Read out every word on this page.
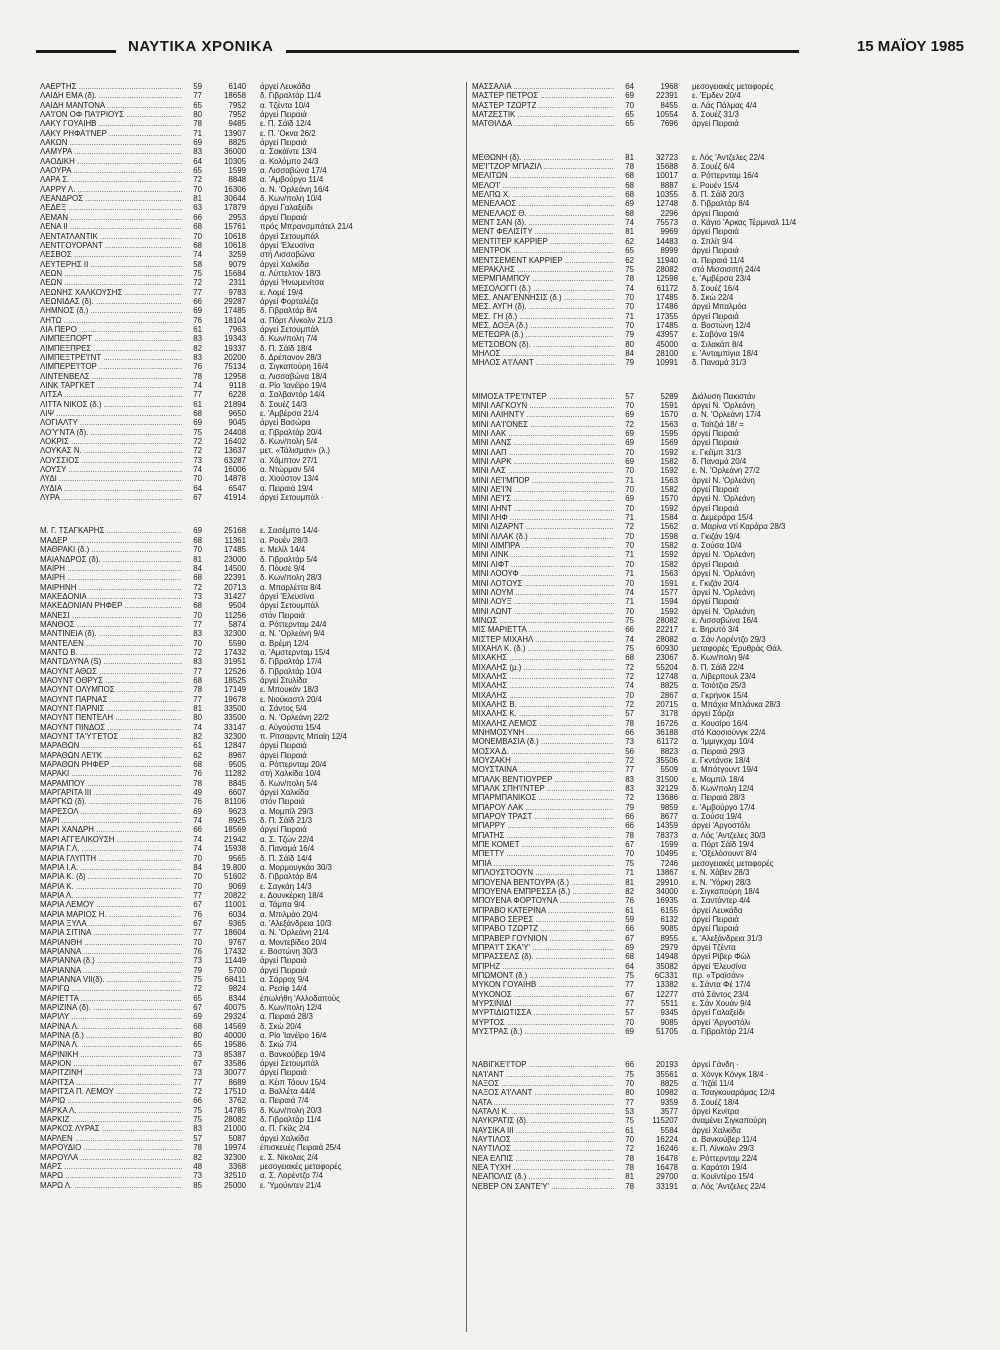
ΝΑΥΤΙΚΑ ΧΡΟΝΙΚΑ	15 ΜΑΪΟΥ 1985
ΛΑΕΡΤΗΣ .....	59	6140	άργεί Λευκάδα
ΛΑΙΔΗ ΕΜΑ (δ). .....	77	18658	δ. Γιβραλτάρ 11/4
ΛΑΙΔΗ ΜΑΝΤΟΝΑ .....	65	7952	α. Τζέντα 10/4
ΛΑ'Ι'ΟΝ ΟΦ ΠΑ'Ι'ΡΙΟΥΣ .....	80	7952	άργεί Πειραιά
ΛΑΚΥ ΓΟΥΑΙΗΒ .....	78	9485	ε. Π. Σάϊδ 12/4
ΛΑΚΥ ΡΗΦΑ'Ι'ΝΕΡ .....	71	13907	ε. Π. 'Οκνα 26/2
ΛΑΚΩΝ .....	69	8825	άργεί Πειραιά
ΛΑΜΥΡΑ .....	83	36000	α. Σακάϊντε 13/4
ΛΑΟΔΙΚΗ .....	64	10305	α. Κολόμπο 24/3
ΛΑΟΥΡΑ .....	65	1599	α. Λισσαβώνα 17/4
ΛΑΡΑ Σ. .....	72	8848	α. 'Αμβούργο 11/4
ΛΑΡΡΥ Λ. .....	70	16306	α. Ν. 'Ορλεάνη 16/4
ΛΕΑΝΔΡΟΣ .....	81	30644	δ. Κων/πολη 10/4
ΛΕΔΕΞ .....	63	17879	άργεί Γαλαξείδι
ΛΕΜΑΝ .....	66	2953	άργεί Πειραιά
ΛΕΝΑ ΙΙ .....	68	15761	πρός Μπρανσμπάτελ 21/4
ΛΕΝΤΑΤΛΑΝΤΙΚ .....	70	10618	άργεί Σετουμπάλ
ΛΕΝΤΓΟΥΟΡΑΝΤ .....	68	10618	άργεί 'Ελευσίνα
ΛΕΣΒΟΣ .....	74	3259	στή Λισσαβώνα
ΛΕΥΤΕΡΗΣ ΙΙ .....	58	9079	άργεί Χαλκίδα
ΛΕΩΝ .....	75	15684	α. Λύττελτον 18/3
ΛΕΩΝ .....	72	2311	άργεί 'Ηνωμενίτσα
ΛΕΩΝΗΣ ΧΑΛΚΟΥΣΗΣ .....	77	9783	ε. Λομέ 19/4
ΛΕΩΝΙΔΑΣ (δ). .....	66	29287	άργεί Φορταλέζα
ΛΗΜΝΟΣ (δ.) .....	69	17485	δ. Γιβραλτάρ 8/4
ΛΗΤΩ .....	76	18104	α. Πόρτ Λίνκολν 21/3
ΛΙΑ ΠΕΡΟ .....	61	7963	άργεί Σετουμπάλ
ΛΙΜΠΕΞΠΟΡΤ .....	83	19343	δ. Κων/πολη 7/4
ΛΙΜΠΕΞΠΡΕΣ .....	82	19337	δ. Π. Σάϊδ 18/4
ΛΙΜΠΕΞΤΡΕ'Ι'ΝΤ .....	83	20200	δ. Δρέπανον 28/3
ΛΙΜΠΕΡΕ'Ι'ΤΟΡ .....	76	75134	α. Σιγκαπούρη 16/4
ΛΙΝΤΕΝΒΕΛΣ .....	78	12958	α. Λισσαβώνα 18/4
ΛΙΝΚ ΤΑΡΓΚΕΤ .....	74	9118	α. Ρίο 'Ιανέϊρο 19/4
ΛΙΤΣΑ .....	77	6228	α. Σαλβαντόρ 14/4
ΛΙΤΤΑ ΝΙΚΟΣ (δ.) .....	61	21894	δ. Σουέζ 14/3
ΛΙΨ .....	68	9650	ε. 'Αμβέρσα 21/4
ΛΟΓΙΑΛΤΥ .....	69	9045	άργεί Βασώρα
ΛΟ'Υ'ΝΤΑ (δ). .....	75	24408	α. Γιβραλτάρ 20/4
ΛΟΚΡΙΣ .....	72	16402	δ. Κων/πολη 5/4
ΛΟΥΚΑΣ Ν. .....	72	13637	μετ. «Τάλισμαν» (λ.)
ΛΟΥΣΣΙΟΣ .....	73	63287	α. Χάμπτον 27/1
ΛΟΥΣΥ .....	74	16006	α. Ντώρμαν 5/4
ΛΥΔΙ .....	70	14878	α. Χιούστον 13/4
ΛΥΔΙΑ .....	64	6547	α. Πειραιά 19/4
ΛΥΡΑ .....	67	41914	άργεί Σετουμπάλ ·
Μ. Γ. ΤΣΑΓΚΑΡΗΣ .....	69	25168	ε. Σασέμπο 14/4·
ΜΑΔΕΡ .....	68	11361	α. Ρουέν 28/3
ΜΑΘΡΑΚΙ (δ.) .....	70	17485	ε. Μελίλ 14/4
ΜΑΙΑΝΔΡΟΣ (δ). .....	81	23000	δ. Γιβραλτάρ 5/4
ΜΑΙΡΗ .....	84	14500	δ. Πόυσε 9/4
ΜΑΙΡΗ .....	68	22391	δ. Κων/πολη 28/3
ΜΑΙΡΗΝΗ .....	72	20713	α. Μπαρλέττα 8/4
ΜΑΚΕΔΟΝΙΑ .....	73	31427	άργεί 'Ελευσίνα
ΜΑΚΕΔΟΝΙΑΝ ΡΗΦΕΡ .....	68	9504	άργεί Σετουμπάλ
ΜΑΝΕΣΙ .....	70	11256	στόν Πειραιά
ΜΑΝΘΟΣ .....	77	5874	α. Ρόττερνταμ 24/4
ΜΑΝΤΙΝΕΙΑ (δ). .....	83	32300	α. Ν. 'Ορλεάνη 9/4
ΜΑΝΤΕΛΕΝ .....	70	5590	α. Βρέμη 12/4
ΜΑΝΤΩ Β. .....	72	17432	α. 'Αμστερνταμ 15/4
ΜΑΝΤΩΛΥΝΑ (S) .....	83	31951	δ. Γιβραλτάρ 17/4
ΜΑΟΥΝΤ ΑΘΩΣ .....	77	12526	δ. Γιβραλτάρ 10/4
ΜΑΟΥΝΤ ΟΘΡΥΣ .....	68	18525	άργεί Στυλίδα
ΜΑΟΥΝΤ ΟΛΥΜΠΟΣ .....	78	17149	ε. Μπουκάν 18/3
ΜΑΟΥΝΤ ΠΑΡΝΑΣ .....	77	19678	ε. Νιούκαστλ 20/4
ΜΑΟΥΝΤ ΠΑΡΝΙΣ .....	81	33500	α. Σάντος 5/4
ΜΑΟΥΝΤ ΠΕΝΤΕΛΗ .....	80	33500	α. Ν. 'Ορλεάνη 22/2
ΜΑΟΥΝΤ ΠΙΝΔΟΣ .....	74	33147	α. Αύγούστα 15/4
ΜΑΟΥΝΤ ΤΑ'Υ'ΓΕΤΟΣ .....	82	32300	π. Ρίτσαρντς Μπαίη 12/4
ΜΑΡΑΘΩΝ .....	61	12847	άργεί Πειραιά
ΜΑΡΑΘΩΝ ΛΕ'Ι'Κ .....	62	8967	άργεί Πειραιά
ΜΑΡΑΘΩΝ ΡΗΦΕΡ .....	68	9505	α. Ρόττερνταμ 20/4
ΜΑΡΑΚΙ .....	76	11282	στή Χαλκίδα 10/4
ΜΑΡΑΜΠΟΥ .....	78	8845	δ. Κων/πολη 5/4
ΜΑΡΓΑΡΙΤΑ ΙΙΙ .....	49	6607	άργεί Χαλκίδα
ΜΑΡΓΚΩ (δ). .....	76	81106	στόν Πειραιά
ΜΑΡΕΣΟΛ .....	69	9623	α. Μομπίλ 29/3
ΜΑΡΙ .....	74	8925	δ. Π. Σάϊδ 21/3
ΜΑΡΙ ΧΑΝΔΡΗ .....	66	18569	άργεί Πειραιά
ΜΑΡΙ ΑΓΓΕΛΙΚΟΥΣΗ .....	74	21942	α. Σ. Τζών 22/4
ΜΑΡΙΑ Γ.Λ. .....	74	15938	δ. Παναμά 16/4
ΜΑΡΙΑ ΓΛΥΠΤΗ .....	70	9565	δ. Π. Σάϊδ 14/4
ΜΑΡΙΑ Ι.Α. .....	84	19.800	α. Μορμουγκάο 30/3
ΜΑΡΙΑ Κ. (δ) .....	70	51602	δ. Γιβραλτάρ 8/4
ΜΑΡΙΑ Κ. .....	70	9069	ε. Σαγκάη 14/3
ΜΑΡΙΑ Λ. .....	77	20822	ε. Δουνκέρκη 18/4
ΜΑΡΙΑ ΛΕΜΟΥ .....	67	11001	α. Τάμπα 9/4
ΜΑΡΙΑ ΜΑΡΙΟΣ Η. .....	76	6034	α. Μπιλμάο 20/4
ΜΑΡΙΑ ΞΥΛΑ .....	67	9365	α. 'Αλεξάνδρεια 10/3
ΜΑΡΙΑ ΣΙΤΙΝΑ .....	77	18604	α. Ν. 'Ορλεάνη 21/4
ΜΑΡΙΑΝΘΗ .....	70	9767	α. Μοντεβίδεο 20/4
ΜΑΡΙΑΝΝΑ .....	76	17432	ε. Βοστώνη 30/3
ΜΑΡΙΑΝΝΑ (δ.) .....	73	11449	άργεί Πειραιά
ΜΑΡΙΑΝΝΑ .....	79	5700	άργεί Πειραιά
ΜΑΡΙΑΝΝΑ VII(δ). .....	75	68411	α. Σάρροχ 9/4
ΜΑΡΙΓΩ .....	72	9824	α. Ρεσίφ 14/4
ΜΑΡΙΕΤΤΑ .....	65	8344	έπωλήθη 'Αλλοδαπούς
ΜΑΡΙΖΙΝΑ (δ). .....	67	40075	δ. Κων/πολη 12/4
ΜΑΡΙΛΥ .....	69	29324	α. Πειραιά 28/3
ΜΑΡΙΝΑ Λ. .....	68	14569	δ. Σκώ 20/4
ΜΑΡΙΝΑ (δ.) .....	80	40000	α. Ρίο 'Ιανέϊρο 16/4
ΜΑΡΙΝΑ Λ. .....	65	19586	δ. Σκώ 7/4
ΜΑΡΙΝΙΚΗ .....	73	85387	α. Βανκούβερ 19/4
ΜΑΡΙΟΝ .....	67	33586	άργεί Σετουμπάλ
ΜΑΡΙΤΖΙΝΗ .....	73	30077	άργεί Πειραιά
ΜΑΡΙΤΣΑ .....	77	8689	α. Κέιπ Τάουν 15/4
ΜΑΡΙΤΣΑ Π. ΛΕΜΟΥ .....	72	17510	α. Βαλλέτα 44/4
ΜΑΡΙΩ .....	66	3762	α. Πειραιά 7/4
ΜΑΡΚΑ Λ. .....	75	14785	δ. Κων/πολη 20/3
ΜΑΡΚΙΖ .....	75	28082	δ. Γιβραλτάρ 11/4
ΜΑΡΚΟΣ ΛΥΡΑΣ .....	83	21000	α. Π. Γκίλς 2/4
ΜΑΡΛΕΝ .....	57	5087	άργεί Χαλκίδα
ΜΑΡΟΥΔΙΟ .....	78	19974	έπισκευές Πειραιά 25/4
ΜΑΡΟΥΛΑ .....	82	32300	ε. Σ. Νίκολας 2/4
ΜΑΡΣ .....	48	3368	μεσογειακές μεταφορές
ΜΑΡΩ .....	73	32510	α. Σ. Λορέντζο 7/4
ΜΑΡΩ Λ. .....	85	25000	ε. 'Υμούιντεν 21/4
ΜΑΣΣΑΛΙΑ .....	64	1968	μεσογειακές μεταφορές
ΜΑΣΤΕΡ ΠΕΤΡΟΣ .....	69	22391	ε. 'Εμδεν 20/4
ΜΑΣΤΕΡ ΤΖΩΡΤΖ .....	70	8455	α. Λάς Πάλμας 4/4
ΜΑΤΖΕΣΤΙΚ .....	65	10554	δ. Σουέζ 31/3
ΜΑΤΘΙΛΔΑ .....	65	7696	άργεί Πειραιά
ΜΕΘΩΝΗ (δ). .....	81	32723	ε. Λός 'Αντζελες 22/4
ΜΕ'Ι'ΤΖΟΡ ΜΠΑΖΙΛ .....	78	15688	δ. Σουέζ 6/4
ΜΕΛΙΤΩΝ .....	68	10017	α. Ρόττερνταμ 16/4
ΜΕΛΟ'Ι' .....	68	8887	ε. Ρουέν 15/4
ΜΕΛΠΩ Χ. .....	68	10355	δ. Π. Σάϊδ 20/3
ΜΕΝΕΛΑΟΣ .....	69	12748	δ. Γιβραλτάρ 8/4
ΜΕΝΕΛΑΟΣ Θ. .....	68	2296	άργεί Πειραιά
ΜΕΝΤ ΣΑΝ (δ). .....	74	75573	α. Κάγιο 'Αρκας Τέρμιναλ 11/4
ΜΕΝΤ ΦΕΛΙΣΙΤΥ .....	81	9969	άργεί Πειραιά
ΜΕΝΤΙΤΕΡ ΚΑΡΡΙΕΡ .....	62	14483	α. Σπλίτ 9/4
ΜΕΝΤΡΟΚ .....	65	8999	άργεί Πειραιά
ΜΕΝΤΣΕΜΕΝΤ ΚΑΡΡΙΕΡ .....	62	11940	α. Πειραιά 11/4
ΜΕΡΑΚΛΗΣ .....	75	28082	στό Μισσισιπή 24/4
ΜΕΡΜΠΑΜΠΟΥ .....	78	12598	ε. 'Αμβέρσα 23/4
ΜΕΣΟΛΟΓΓΙ (δ.) .....	74	61172	δ. Σουέζ 16/4
ΜΕΣ. ΑΝΑΓΕΝΝΗΣΙΣ (δ.) .....	70	17485	δ. Σκώ 22/4
ΜΕΣ. ΑΥΓΗ (δ). .....	70	17486	άργεί Μπαλμόα
ΜΕΣ. ΓΗ (δ.) .....	71	17355	άργεί Πειραιά
ΜΕΣ. ΔΟΞΑ (δ.) .....	70	17485	α. Βοστώνη 12/4
ΜΕΤΕΩΡΑ (δ.) .....	79	43957	ε. Σαβόνα 19/4
ΜΕΤΣΟΒΟΝ (δ). .....	80	45000	α. Σιλακάπ 8/4
ΜΗΛΟΣ .....	84	28100	ε. 'Ανταμπίγια 18/4
ΜΗΛΟΣ Α'Ι'ΛΑΝΤ .....	79	10991	δ. Παναμά 31/3
ΜΙΜΟΣΑ ΤΡΕ'Ι'ΝΤΕΡ .....	57	5289	Διάλυση Πακιστάν
ΜΙΝΙ ΛΑΓΚΟΥΝ .....	70	1591	άργεί Ν. 'Ορλεάνη
ΜΙΝΙ ΛΑΙΗΝΤΥ .....	69	1570	α. Ν. 'Ορλεάνη 17/4
ΜΙΝΙ ΛΑ'Ι'ΟΝΕΣ .....	72	1563	α. Ταϊτζιά 18/ =
ΜΙΝΙ ΛΑΚ .....	69	1595	άργεί Πειραιά
ΜΙΝΙ ΛΑΝΣ .....	69	1569	άργεί Πειραιά
ΜΙΝΙ ΛΑΠ .....	70	1592	ε. Γκέϊμπ 31/3
ΜΙΝΙ ΛΑΡΚ .....	69	1582	δ. Παναμά 20/4
ΜΙΝΙ ΛΑΣ .....	70	1592	ε. Ν. 'Ορλεάνη 27/2
ΜΙΝΙ ΛΕ'Ι'ΜΠΟΡ .....	71	1563	άργεί Ν. 'Ορλεάνη
ΜΙΝΙ ΛΕ'Ι'Ν .....	70	1582	άργεί Πειραιά
ΜΙΝΙ ΛΕ'Ι'Σ .....	69	1570	άργεί Ν. 'Ορλεάνη
ΜΙΝΙ ΛΗΝΤ .....	70	1592	άργεί Πειραιά
ΜΙΝΙ ΛΗΦ .....	71	1584	α. Δεμεράρα 15/4
ΜΙΝΙ ΛΙΖΑΡΝΤ .....	72	1562	α. Μαρίνα ντί Καράρα 28/3
ΜΙΝΙ ΛΙΛΑΚ (δ.) .....	70	1598	α. Γκιζάν 19/4
ΜΙΝΙ ΛΙΜΠΡΑ .....	70	1582	α. Σούσα 10/4
ΜΙΝΙ ΛΙΝΚ .....	71	1592	άργεί Ν. 'Ορλεάνη
ΜΙΝΙ ΛΙΦΤ .....	70	1582	άργεί Πειραιά
ΜΙΝΙ ΛΟΟΥΦ .....	71	1563	άργεί Ν. 'Ορλεάνη
ΜΙΝΙ ΛΟΤΟΥΣ .....	70	1591	ε. Γκιζάν 20/4
ΜΙΝΙ ΛΟΥΜ .....	74	1577	άργεί Ν. 'Ορλεάνη
ΜΙΝΙ ΛΟΥΞ .....	71	1594	άργεί Πειραιά
ΜΙΝΙ ΛΩΝΤ .....	70	1592	άργεί Ν. 'Ορλεάνη
ΜΙΝΩΣ .....	75	28082	ε. Λισσαβώνα 16/4
ΜΙΣ ΜΑΡΙΕΤΤΑ .....	66	22217	ε. Βηρυτό 3/4
ΜΙΣΤΕΡ ΜΙΧΑΗΛ .....	74	28082	α. Σάν Λορέντζο 29/3
ΜΙΧΑΗΛ Κ. (δ.) .....	75	60930	μεταφορές 'Ερυθράς Θάλ.
ΜΙΧΑΚΗΣ .....	68	23067	δ. Κων/πολη 9/4
ΜΙΧΑΛΗΣ (μ.) .....	72	55204	δ. Π. Σάϊδ 22/4
ΜΙΧΑΛΗΣ .....	72	12748	α. Λίβερπουλ 23/4
ΜΙΧΑΛΗΣ .....	74	8825	α. Τσιότζια 25/3
ΜΙΧΑΛΗΣ .....	70	2867	α. Γκρήνοκ 15/4
ΜΙΧΑΛΗΣ Β. .....	72	20715	α. Μπάχια Μπλάνκα 28/3
ΜΙΧΑΛΗΣ Κ. .....	57	3178	άργεί Σάρζα
ΜΙΧΑΛΗΣ ΛΕΜΟΣ .....	78	16726	α. Κουσίρο 16/4
ΜΝΗΜΟΣΥΝΗ .....	66	36188	στό Καοσιούνγκ 22/4
ΜΟΝΕΜΒΑΣΙΑ (δ.) .....	73	61172	α. 'Ιμμιγκχαμ 10/4
ΜΟΣΧΑ Δ. .....	56	8823	α. Πειραιά 29/3
ΜΟΥΖΑΚΗ .....	72	35506	ε. Γκντάνσκ 18/4
ΜΟΥΣΤΑΙΝΑ .....	77	5509	α. Μπότγουντ 19/4
ΜΠΑΛΚ ΒΕΝΤΙΟΥΡΕΡ .....	83	31500	ε. Μομπίλ 18/4
ΜΠΑΛΚ ΣΠΗ'Ι'ΝΤΕΡ .....	83	32129	δ. Κων/πολη 12/4
ΜΠΑΡΜΠΑΝΙΚΟΣ .....	72	13686	α. Πειραιά 28/3
ΜΠΑΡΟΥ ΛΑΚ .....	79	9859	ε. 'Αμβούργο 17/4
ΜΠΑΡΟΥ ΤΡΑΣΤ .....	66	8677	α. Σούσα 19/4
ΜΠΑΡΡΥ .....	66	14359	άργεί 'Αργοστόλι
ΜΠΑΤΗΣ .....	78	78373	α. Λός 'Αντζελες 30/3
ΜΠΕ ΚΟΜΕΤ .....	67	1599	α. Πόρτ Σάϊδ 19/4
ΜΠΕΤΤΥ .....	70	10495	ε. 'Οξελόσουντ 8/4
ΜΠΙΑ .....	75	7246	μεσογειακές μεταφορές
ΜΠΛΟΥΣΤΟΟΥΝ .....	71	13867	ε. Ν. Χάβεν 28/3
ΜΠΟΥΕΝΑ ΒΕΝΤΟΥΡΑ (δ.) .....	81	29910	ε. Ν. 'Υόρκη 28/3
ΜΠΟΥΕΝΑ ΕΜΠΡΕΣΣΑ (δ.) .....	82	34000	ε. Σιγκαπούρη 18/4
ΜΠΟΥΕΝΑ ΦΟΡΤΟΥΝΑ .....	76	16935	α. Σαντάντερ 4/4
ΜΠΡΑΒΟ ΚΑΤΕΡΙΝΑ .....	61	6155	άργεί Λευκάδα
ΜΠΡΑΒΟ ΣΕΡΕΣ .....	59	6132	άργεί Πειραιά
ΜΠΡΑΒΟ ΤΖΩΡΤΖ .....	66	9085	άργεί Πειραιά
ΜΠΡΑΒΕΡ ΓΟΥΝΙΟΝ .....	67	8955	ε. 'Αλεξάνδρεια 31/3
ΜΠΡΑ'Ι'Τ ΣΚΑ'Υ' .....	69	2979	άργεί Τζέντα
ΜΠΡΑΣΣΕΛΣ (δ). .....	68	14948	άργεί Ρίβερ Φώλ
ΜΠΡΗΖ .....	64	35082	άργεί 'Ελευσίνα
ΜΠΩΜΟΝΤ (δ.) .....	75	6C331	πρ. «Τραϊσάν»
ΜΥΚΟΝ ΓΟΥΑΙΗΒ .....	77	13382	ε. Σάντα Φέ 17/4
ΜΥΚΟΝΟΣ .....	67	12277	στό Σάντος 23/4
ΜΥΡΣΙΝΙΔΙ .....	77	5511	ε. Σάν Χουάν 9/4
ΜΥΡΤΙΔΙΩΤΙΣΣΑ .....	57	9345	άργεί Γαλαξείδι
ΜΥΡΤΟΣ .....	70	9085	άργεί 'Αργοστόλι
ΜΥΣΤΡΑΣ (δ.) .....	69	51705	α. Γιβραλτάρ 21/4
ΝΑΒΙΓΚΕ'Ι'ΤΟΡ .....	66	20193	άργεί Γάνδη ·
ΝΑ'Ι'ΑΝΤ .....	75	35561	α. Χόνγκ Κόνγκ 18/4 ·
ΝΑΞΟΣ .....	70	8825	α. 'Ιτζάϊ 11/4
ΝΑΞΟΣ Α'Ι'ΛΑΝΤ .....	80	10982	α. Τσαγκουαράμας 12/4
ΝΑΤΑ .....	77	9359	δ. Σουέζ 18/4
ΝΑΤΑΛΙ Κ. .....	53	3577	άργεί Κενίτρα
ΝΑΥΚΡΑΤΙΣ (δ). .....	75	115207	άναμένει Σιγκαπούρη
ΝΑΥΣΙΚΑ ΙΙΙ .....	61	5584	άργεί Χαλκίδα
ΝΑΥΤΙΛΟΣ .....	70	16224	α. Βανκούβερ 11/4
ΝΑΥΤΙΛΟΣ .....	72	16246	ε. Π. Λίνκολν 29/3
ΝΕΑ ΕΛΠΙΣ .....	78	16478	ε. Ρόττερνταμ 22/4
ΝΕΑ ΤΥΧΗ .....	78	16478	α. Καράτσι 19/4
ΝΕΑΠΟΛΙΣ (δ.) .....	81	29700	α. Κουϊντέρο 15/4
ΝΕΒΕΡ ΟΝ ΣΑΝΤΕ'Υ' .....	78	33191	α. Λός 'Αντζελες 22/4
